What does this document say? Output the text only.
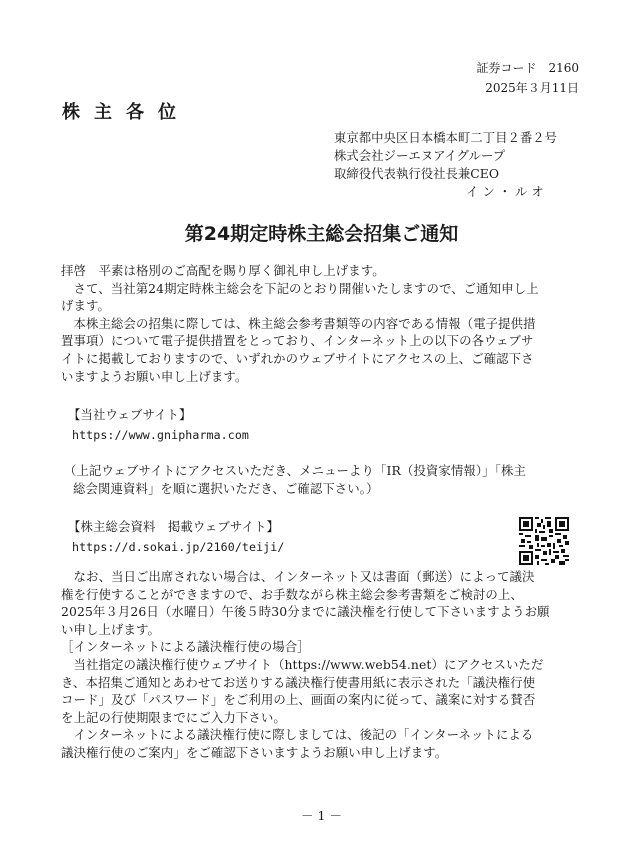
証券コード　2160
2025年３月11日
株主各位
東京都中央区日本橋本町二丁目２番２号
株式会社ジーエヌアイグループ
取締役代表執行役社長兼CEO
イ ン ・ ル オ
第24期定時株主総会招集ご通知
拝啓　平素は格別のご高配を賜り厚く御礼申し上げます。
　さて、当社第24期定時株主総会を下記のとおり開催いたしますので、ご通知申し上
げます。
　本株主総会の招集に際しては、株主総会参考書類等の内容である情報（電子提供措
置事項）について電子提供措置をとっており、インターネット上の以下の各ウェブサ
イトに掲載しておりますので、いずれかのウェブサイトにアクセスの上、ご確認下さ
いますようお願い申し上げます。
【当社ウェブサイト】
https://www.gnipharma.com
（上記ウェブサイトにアクセスいただき、メニューより「IR（投資家情報）」「株主
総会関連資料」を順に選択いただき、ご確認下さい。）
【株主総会資料　掲載ウェブサイト】
https://d.sokai.jp/2160/teiji/
　なお、当日ご出席されない場合は、インターネット又は書面（郵送）によって議決
権を行使することができますので、お手数ながら株主総会参考書類をご検討の上、
2025年３月26日（水曜日）午後５時30分までに議決権を行使して下さいますようお願
い申し上げます。
［インターネットによる議決権行使の場合］
　当社指定の議決権行使ウェブサイト（https://www.web54.net）にアクセスいただ
き、本招集ご通知とあわせてお送りする議決権行使書用紙に表示された「議決権行使
コード」及び「パスワード」をご利用の上、画面の案内に従って、議案に対する賛否
を上記の行使期限までにご入力下さい。
　インターネットによる議決権行使に際しましては、後記の「インターネットによる
議決権行使のご案内」をご確認下さいますようお願い申し上げます。
－ 1 －
